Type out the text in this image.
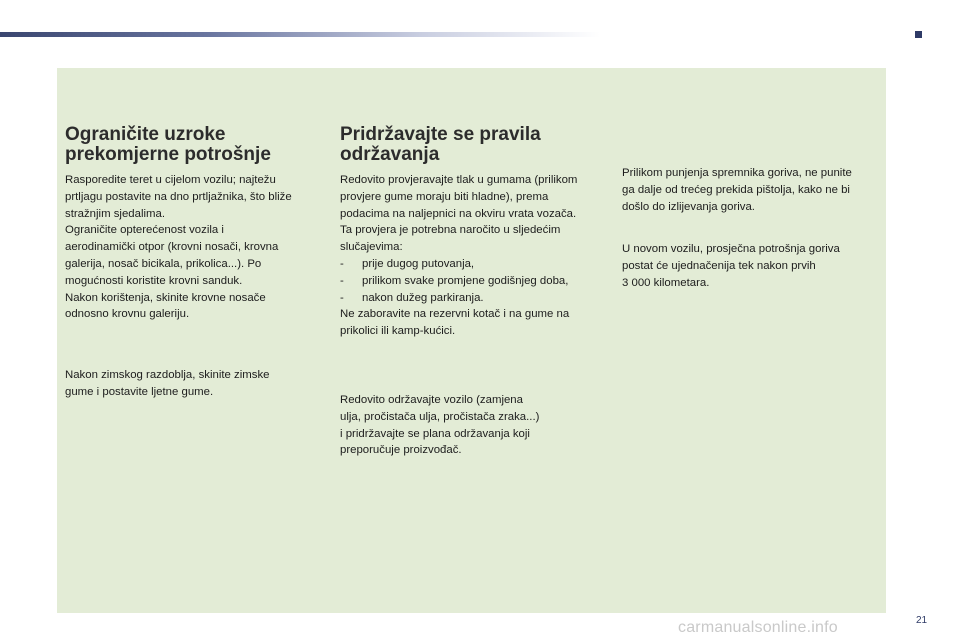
Ograničite uzroke
prekomjerne potrošnje

Rasporedite teret u cijelom vozilu; najtežu

prtljagu postavite na dno prtljažnika, što bliže

stražnjim sjedalima.

Ograničite opterećenost vozila i

aerodinamički otpor (krovni nosači, krovna

galerija, nosač bicikala, prikolica...). Po

mogućnosti koristite krovni sanduk.

Nakon korištenja, skinite krovne nosače

odnosno krovnu galeriju.

Nakon zimskog razdoblja, skinite zimske

gume i postavite ljetne gume.

Pridržavajte se pravila
održavanja

Redovito provjeravajte tlak u gumama (prilikom

provjere gume moraju biti hladne), prema

podacima na naljepnici na okviru vrata vozača.

Ta provjera je potrebna naročito u sljedećim

slučajevima:

-	prije dugog putovanja,
-	prilikom svake promjene godišnjeg doba,
-	nakon dužeg parkiranja.

Ne zaboravite na rezervni kotač i na gume na

prikolici ili kamp-kućici.

Redovito održavajte vozilo (zamjena

ulja, pročistača ulja, pročistača zraka...)

i pridržavajte se plana održavanja koji

preporučuje proizvođač.

Prilikom punjenja spremnika goriva, ne punite

ga dalje od trećeg prekida pištolja, kako ne bi

došlo do izlijevanja goriva.

U novom vozilu, prosječna potrošnja goriva

postat će ujednačenija tek nakon prvih

3 000 kilometara.

carmanualsonline.info	21
